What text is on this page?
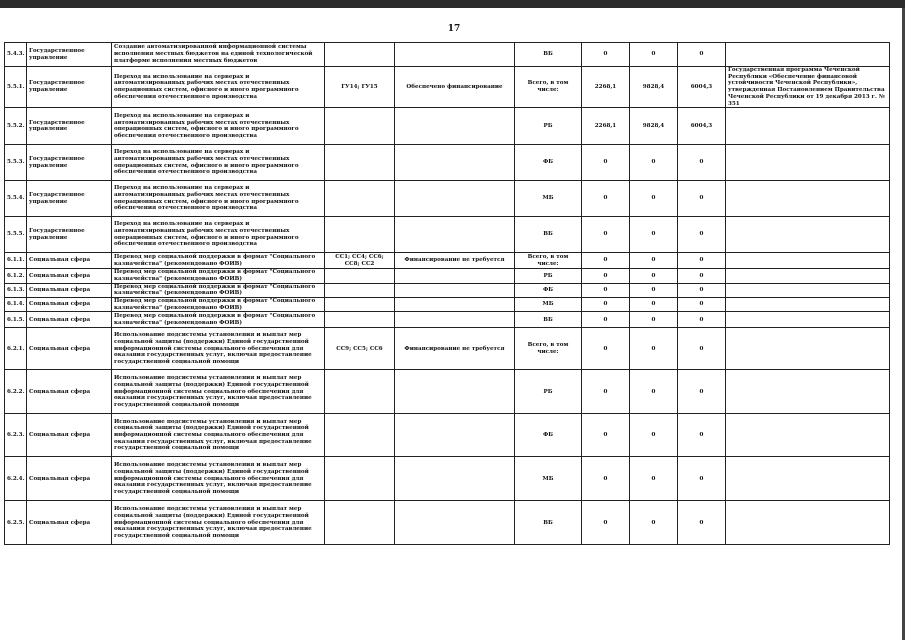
17
5.4.3.	Государственное управление	Создание автоматизированной информационной системы исполнения местных бюджетов на единой технологической платформе исполнения местных бюджетов			ВБ	0	0	0	
5.5.1.	Государственное управление	Переход на использование на серверах и автоматизированных рабочих местах отечественных операционных систем, офисного и иного программного обеспечения отечественного производства	ГУ14; ГУ15	Обеспечено финансирование	Всего, в том числе:	2268,1	9828,4	6004,3	Государственная программа Чеченской Республики «Обеспечение финансовой устойчивости Чеченской Республики», утвержденная Постановлением Правительства Чеченской Республики от 19 декабря 2013 г. № 351
5.5.2.	Государственное управление	Переход на использование на серверах и автоматизированных рабочих местах отечественных операционных систем, офисного и иного программного обеспечения отечественного производства			РБ	2268,1	9828,4	6004,3	
5.5.3.	Государственное управление	Переход на использование на серверах и автоматизированных рабочих местах отечественных операционных систем, офисного и иного программного обеспечения отечественного производства			ФБ	0	0	0	
5.5.4.	Государственное управление	Переход на использование на серверах и автоматизированных рабочих местах отечественных операционных систем, офисного и иного программного обеспечения отечественного производства			МБ	0	0	0	
5.5.5.	Государственное управление	Переход на использование на серверах и автоматизированных рабочих местах отечественных операционных систем, офисного и иного программного обеспечения отечественного производства			ВБ	0	0	0	
6.1.1.	Социальная сфера	Перевод мер социальной поддержки в формат "Социального казначейства" (рекомендовано ФОИВ)	СС1; СС4; СС6; СС8; СС2	Финансирование не требуется	Всего, в том числе:	0	0	0	
6.1.2.	Социальная сфера	Перевод мер социальной поддержки в формат "Социального казначейства" (рекомендовано ФОИВ)			РБ	0	0	0	
6.1.3.	Социальная сфера	Перевод мер социальной поддержки в формат "Социального казначейства" (рекомендовано ФОИВ)			ФБ	0	0	0	
6.1.4.	Социальная сфера	Перевод мер социальной поддержки в формат "Социального казначейства" (рекомендовано ФОИВ)			МБ	0	0	0	
6.1.5.	Социальная сфера	Перевод мер социальной поддержки в формат "Социального казначейства" (рекомендовано ФОИВ)			ВБ	0	0	0	
6.2.1.	Социальная сфера	Использование подсистемы установления и выплат мер социальной защиты (поддержки) Единой государственной информационной системы социального обеспечения для оказания государственных услуг, включая предоставление государственной социальной помощи	СС9; СС5; СС6	Финансирование не требуется	Всего, в том числе:	0	0	0	
6.2.2.	Социальная сфера	Использование подсистемы установления и выплат мер социальной защиты (поддержки) Единой государственной информационной системы социального обеспечения для оказания государственных услуг, включая предоставление государственной социальной помощи			РБ	0	0	0	
6.2.3.	Социальная сфера	Использование подсистемы установления и выплат мер социальной защиты (поддержки) Единой государственной информационной системы социального обеспечения для оказания государственных услуг, включая предоставление государственной социальной помощи			ФБ	0	0	0	
6.2.4.	Социальная сфера	Использование подсистемы установления и выплат мер социальной защиты (поддержки) Единой государственной информационной системы социального обеспечения для оказания государственных услуг, включая предоставление государственной социальной помощи			МБ	0	0	0	
6.2.5.	Социальная сфера	Использование подсистемы установления и выплат мер социальной защиты (поддержки) Единой государственной информационной системы социального обеспечения для оказания государственных услуг, включая предоставление государственной социальной помощи			ВБ	0	0	0	
